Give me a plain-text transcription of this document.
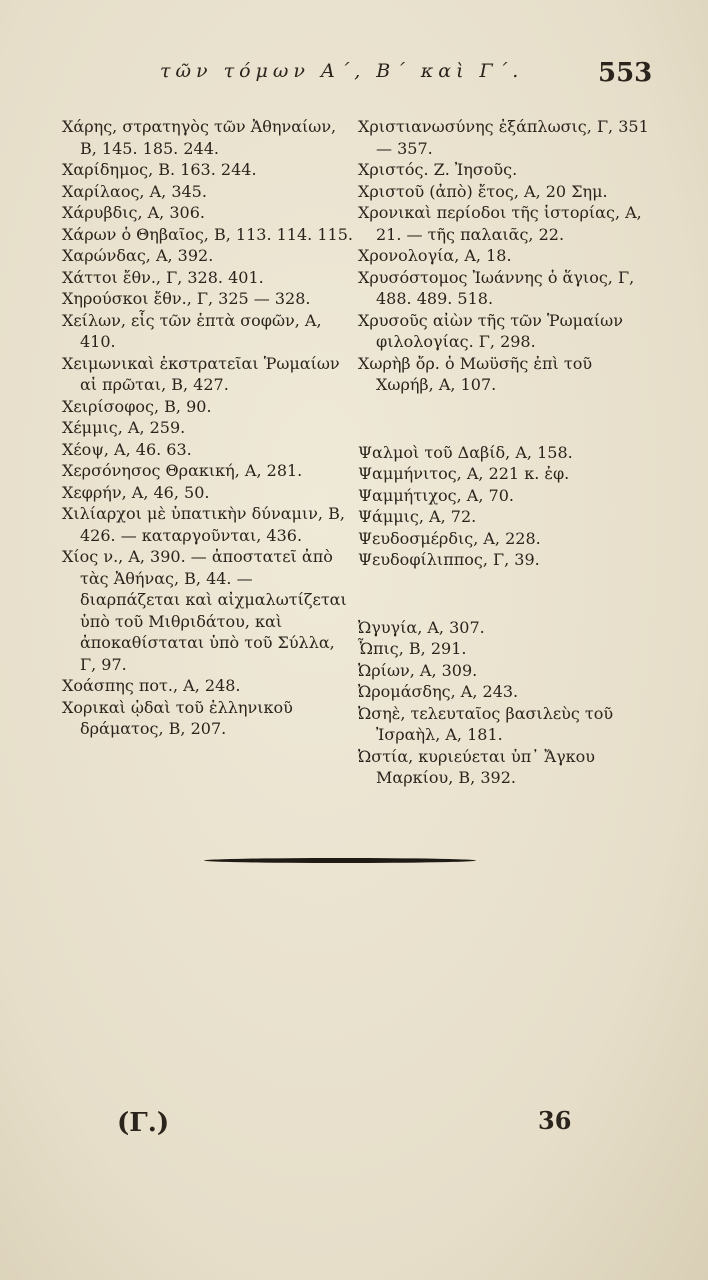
τῶν τόμων Α΄, Β΄ καὶ Γ΄.	553
Χάρης, στρατηγὸς τῶν Ἀθηναίων, Β, 145. 185. 244.
Χαρίδημος, Β. 163. 244.
Χαρίλαος, Α, 345.
Χάρυβδις, Α, 306.
Χάρων ὁ Θηβαῖος, Β, 113. 114. 115.
Χαρώνδας, Α, 392.
Χάττοι ἔθν., Γ, 328. 401.
Χηρούσκοι ἔθν., Γ, 325 — 328.
Χείλων, εἷς τῶν ἑπτὰ σοφῶν, Α, 410.
Χειμωνικαὶ ἐκστρατεῖαι Ῥωμαίων αἱ πρῶται, Β, 427.
Χειρίσοφος, Β, 90.
Χέμμις, Α, 259.
Χέοψ, Α, 46. 63.
Χερσόνησος Θρακική, Α, 281.
Χεφρήν, Α, 46, 50.
Χιλίαρχοι μὲ ὑπατικὴν δύναμιν, Β, 426. — καταργοῦνται, 436.
Χίος ν., Α, 390. — ἀποστατεῖ ἀπὸ τὰς Ἀθήνας, Β, 44. — διαρπάζεται καὶ αἰχμαλωτίζεται ὑπὸ τοῦ Μιθριδάτου, καὶ ἀποκαθίσταται ὑπὸ τοῦ Σύλλα, Γ, 97.
Χοάσπης ποτ., Α, 248.
Χορικαὶ ᾠδαὶ τοῦ ἑλληνικοῦ δράματος, Β, 207.
Χριστιανωσύνης ἐξάπλωσις, Γ, 351 — 357.
Χριστός. Ζ. Ἰησοῦς.
Χριστοῦ (ἀπὸ) ἔτος, Α, 20 Σημ.
Χρονικαὶ περίοδοι τῆς ἱστορίας, Α, 21. — τῆς παλαιᾶς, 22.
Χρονολογία, Α, 18.
Χρυσόστομος Ἰωάννης ὁ ἅγιος, Γ, 488. 489. 518.
Χρυσοῦς αἰὼν τῆς τῶν Ῥωμαίων φιλολογίας. Γ, 298.
Χωρὴβ ὄρ. ὁ Μωϋσῆς ἐπὶ τοῦ Χωρήβ, Α, 107.
Ψαλμοὶ τοῦ Δαβίδ, Α, 158.
Ψαμμήνιτος, Α, 221 κ. ἐφ.
Ψαμμήτιχος, Α, 70.
Ψάμμις, Α, 72.
Ψευδοσμέρδις, Α, 228.
Ψευδοφίλιππος, Γ, 39.
Ὠγυγία, Α, 307.
Ὦπις, Β, 291.
Ὠρίων, Α, 309.
Ὠρομάσδης, Α, 243.
Ὠσηὲ, τελευταῖος βασιλεὺς τοῦ Ἰσραὴλ, Α, 181.
Ὠστία, κυριεύεται ὑπ᾽ Ἄγκου Μαρκίου, Β, 392.
(Γ.)	36
